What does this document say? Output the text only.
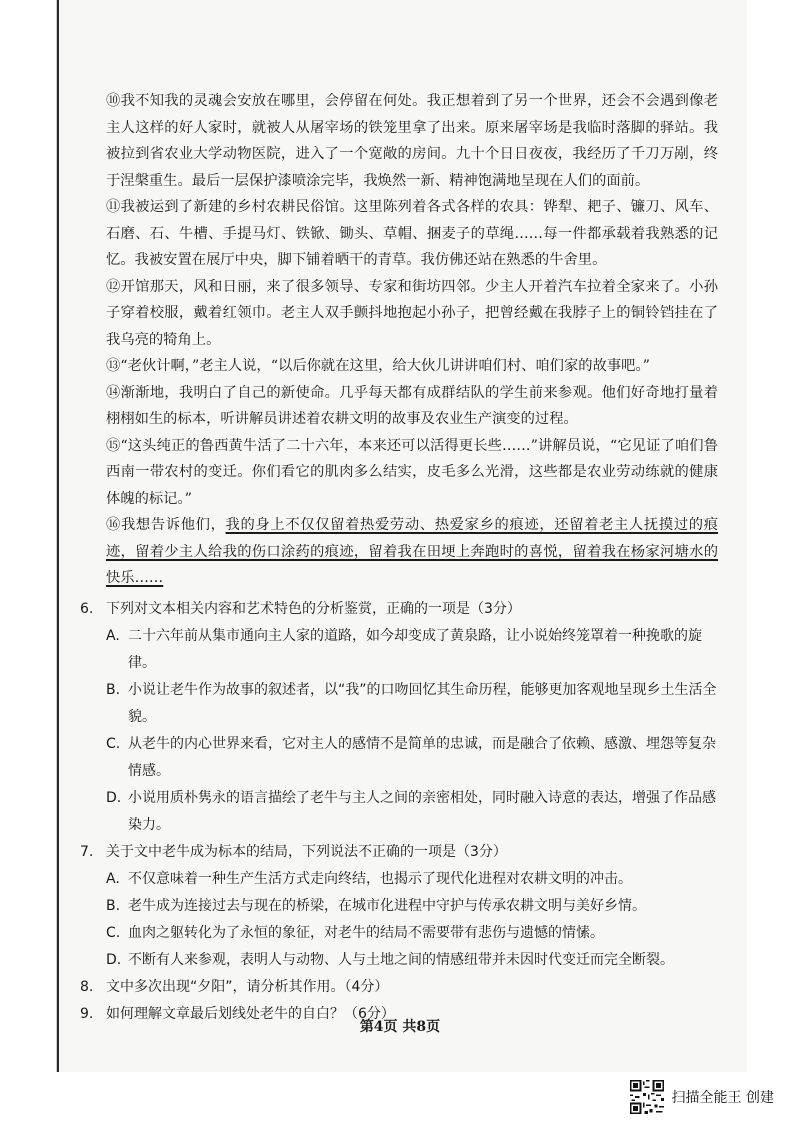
⑩我不知我的灵魂会安放在哪里，会停留在何处。我正想着到了另一个世界，还会不会遇到像老主人这样的好人家时，就被人从屠宰场的铁笼里拿了出来。原来屠宰场是我临时落脚的驿站。我被拉到省农业大学动物医院，进入了一个宽敞的房间。九十个日日夜夜，我经历了千刀万剐，终于涅槃重生。最后一层保护漆喷涂完毕，我焕然一新、精神饱满地呈现在人们的面前。

⑪我被运到了新建的乡村农耕民俗馆。这里陈列着各式各样的农具：铧犁、耙子、镰刀、风车、石磨、石、牛槽、手提马灯、铁锨、锄头、草帽、捆麦子的草绳……每一件都承载着我熟悉的记忆。我被安置在展厅中央，脚下铺着晒干的青草。我仿佛还站在熟悉的牛舍里。

⑫开馆那天，风和日丽，来了很多领导、专家和街坊四邻。少主人开着汽车拉着全家来了。小孙子穿着校服，戴着红领巾。老主人双手颤抖地抱起小孙子，把曾经戴在我脖子上的铜铃铛挂在了我乌亮的犄角上。

⑬“老伙计啊，”老主人说，“以后你就在这里，给大伙儿讲讲咱们村、咱们家的故事吧。”

⑭渐渐地，我明白了自己的新使命。几乎每天都有成群结队的学生前来参观。他们好奇地打量着栩栩如生的标本，听讲解员讲述着农耕文明的故事及农业生产演变的过程。

⑮“这头纯正的鲁西黄牛活了二十六年，本来还可以活得更长些……”讲解员说，“它见证了咱们鲁西南一带农村的变迁。你们看它的肌肉多么结实，皮毛多么光滑，这些都是农业劳动练就的健康体魄的标记。”

⑯我想告诉他们，我的身上不仅仅留着热爱劳动、热爱家乡的痕迹，还留着老主人抚摸过的痕迹，留着少主人给我的伤口涂药的痕迹，留着我在田埂上奔跑时的喜悦，留着我在杨家河塘水的快乐……

6. 下列对文本相关内容和艺术特色的分析鉴赏，正确的一项是（3分）

A. 二十六年前从集市通向主人家的道路，如今却变成了黄泉路，让小说始终笼罩着一种挽歌的旋律。

B. 小说让老牛作为故事的叙述者，以“我”的口吻回忆其生命历程，能够更加客观地呈现乡土生活全貌。

C. 从老牛的内心世界来看，它对主人的感情不是简单的忠诚，而是融合了依赖、感激、埋怨等复杂情感。

D. 小说用质朴隽永的语言描绘了老牛与主人之间的亲密相处，同时融入诗意的表达，增强了作品感染力。

7. 关于文中老牛成为标本的结局，下列说法不正确的一项是（3分）

A. 不仅意味着一种生产生活方式走向终结，也揭示了现代化进程对农耕文明的冲击。

B. 老牛成为连接过去与现在的桥梁，在城市化进程中守护与传承农耕文明与美好乡情。

C. 血肉之躯转化为了永恒的象征，对老牛的结局不需要带有悲伤与遗憾的情愫。

D. 不断有人来参观，表明人与动物、人与土地之间的情感纽带并未因时代变迁而完全断裂。

8. 文中多次出现“夕阳”，请分析其作用。（4分）

9. 如何理解文章最后划线处老牛的自白？（6分）

第4页 共8页
扫描全能王 创建
